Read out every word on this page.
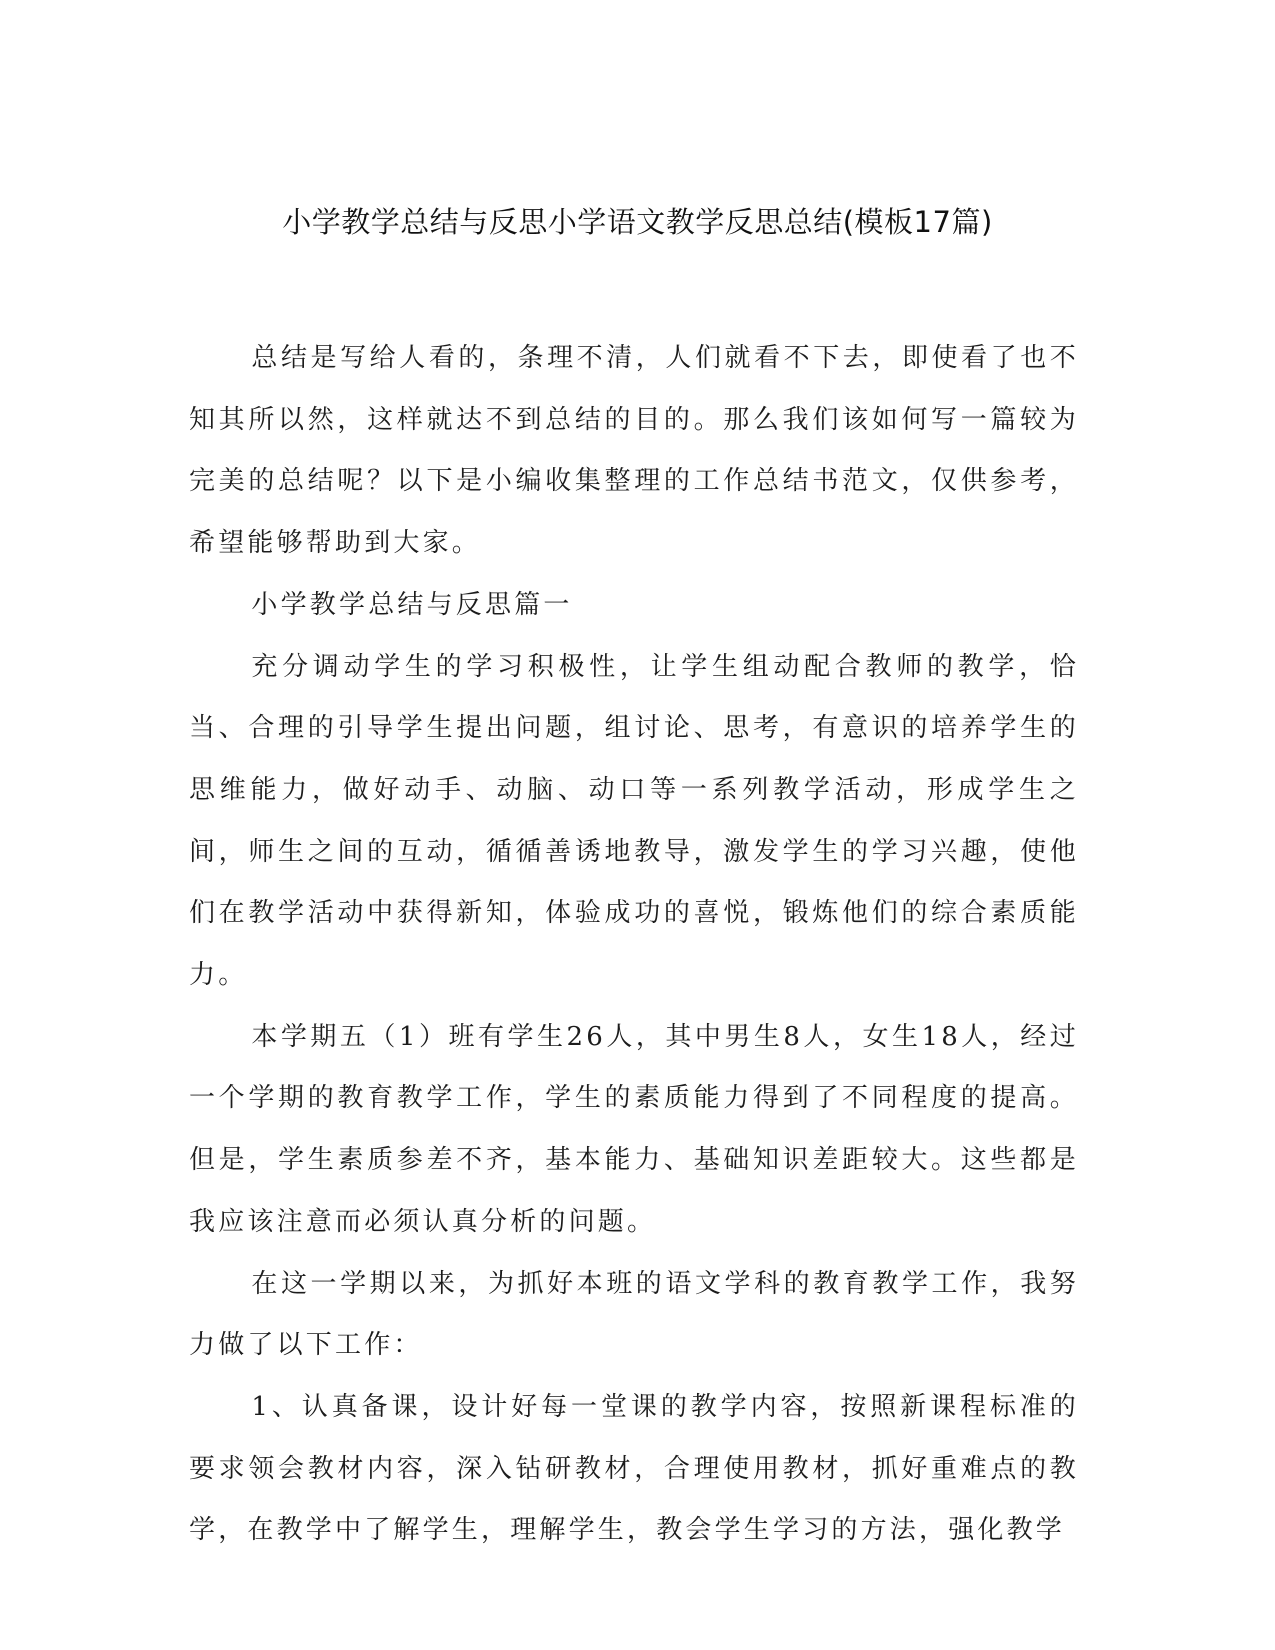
小学教学总结与反思小学语文教学反思总结(模板17篇)

总结是写给人看的，条理不清，人们就看不下去，即使看了也不知其所以然，这样就达不到总结的目的。那么我们该如何写一篇较为完美的总结呢？以下是小编收集整理的工作总结书范文，仅供参考，希望能够帮助到大家。

小学教学总结与反思篇一

充分调动学生的学习积极性，让学生组动配合教师的教学，恰当、合理的引导学生提出问题，组讨论、思考，有意识的培养学生的思维能力，做好动手、动脑、动口等一系列教学活动，形成学生之间，师生之间的互动，循循善诱地教导，激发学生的学习兴趣，使他们在教学活动中获得新知，体验成功的喜悦，锻炼他们的综合素质能力。

本学期五（1）班有学生26人，其中男生8人，女生18人，经过一个学期的教育教学工作，学生的素质能力得到了不同程度的提高。但是，学生素质参差不齐，基本能力、基础知识差距较大。这些都是我应该注意而必须认真分析的问题。

在这一学期以来，为抓好本班的语文学科的教育教学工作，我努力做了以下工作：

1、认真备课，设计好每一堂课的教学内容，按照新课程标准的要求领会教材内容，深入钻研教材，合理使用教材，抓好重难点的教学，在教学中了解学生，理解学生，教会学生学习的方法，强化教学
